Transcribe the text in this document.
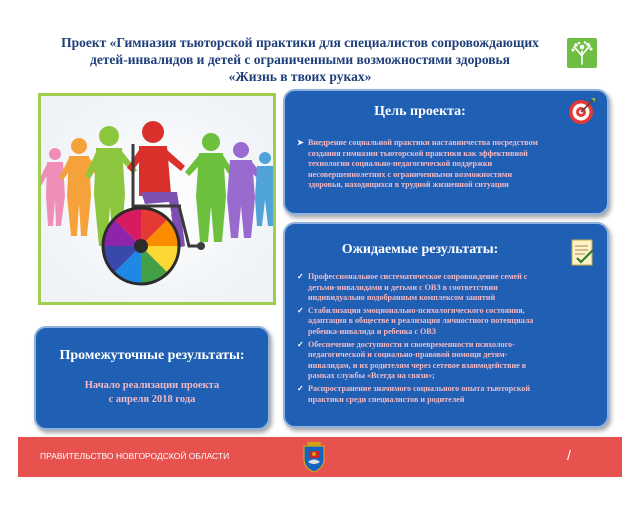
Проект «Гимназия тьюторской практики для специалистов сопровождающих
детей-инвалидов и детей с ограниченными возможностями здоровья
«Жизнь в твоих руках»
Цель проекта:
➤ Внедрение социальной практики наставничества посредством
создания гимназии тьюторской практики как эффективной
технологии социально-педагогической поддержки
несовершеннолетних с ограниченными возможностями
здоровья, находящихся в трудной жизненной ситуации
Ожидаемые результаты:
✓ Профессиональное систематическое сопровождение семей с
детьми-инвалидами и детьми с ОВЗ в соответствии
индивидуально подобранным комплексом занятий
✓ Стабилизация эмоционально-психологического состояния,
адаптация в обществе и реализация личностного потенциала
ребенка-инвалида и ребенка с ОВЗ
✓ Обеспечение доступности и своевременности психолого-
педагогической и социально-правовой помощи детям-
инвалидам, и их родителям через сетевое взаимодействие в
рамках службы «Всегда на связи»;
✓ Распространение значимого социального опыта тьюторской
практики среди специалистов и родителей
Промежуточные результаты:
Начало реализации проекта
с апреля 2018 года
ПРАВИТЕЛЬСТВО НОВГОРОДСКОЙ ОБЛАСТИ	/
